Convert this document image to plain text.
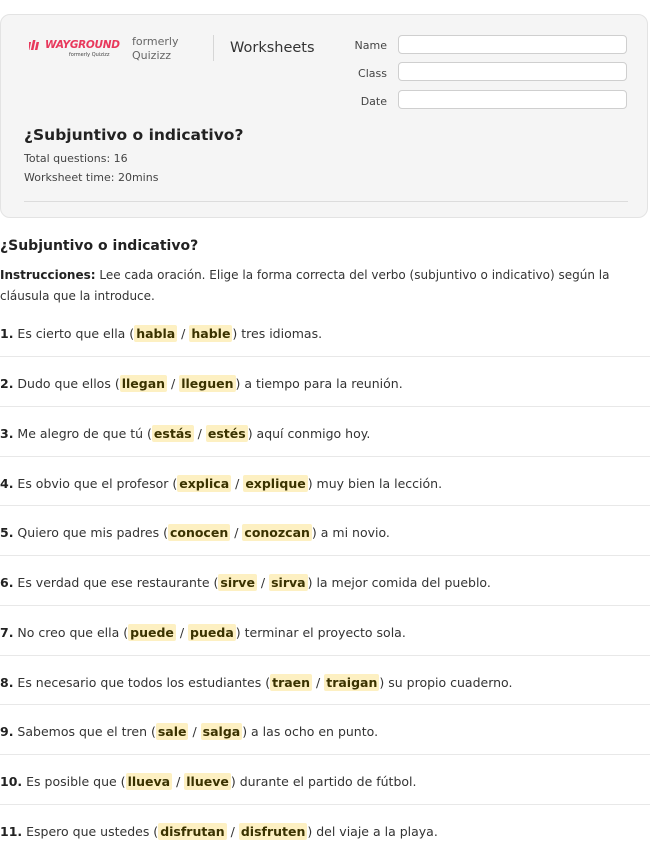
WAYGROUND
formerly Quizizz
formerly Quizizz	Worksheets	Name
Class
Date
¿Subjuntivo o indicativo?
Total questions: 16
Worksheet time: 20mins
¿Subjuntivo o indicativo?
Instrucciones: Lee cada oración. Elige la forma correcta del verbo (subjuntivo o indicativo) según la cláusula que la introduce.
1. Es cierto que ella ( habla / hable ) tres idiomas.
2. Dudo que ellos ( llegan / lleguen ) a tiempo para la reunión.
3. Me alegro de que tú ( estás / estés ) aquí conmigo hoy.
4. Es obvio que el profesor ( explica / explique ) muy bien la lección.
5. Quiero que mis padres ( conocen / conozcan ) a mi novio.
6. Es verdad que ese restaurante ( sirve / sirva ) la mejor comida del pueblo.
7. No creo que ella ( puede / pueda ) terminar el proyecto sola.
8. Es necesario que todos los estudiantes ( traen / traigan ) su propio cuaderno.
9. Sabemos que el tren ( sale / salga ) a las ocho en punto.
10. Es posible que ( llueva / llueve ) durante el partido de fútbol.
11. Espero que ustedes ( disfrutan / disfruten ) del viaje a la playa.
